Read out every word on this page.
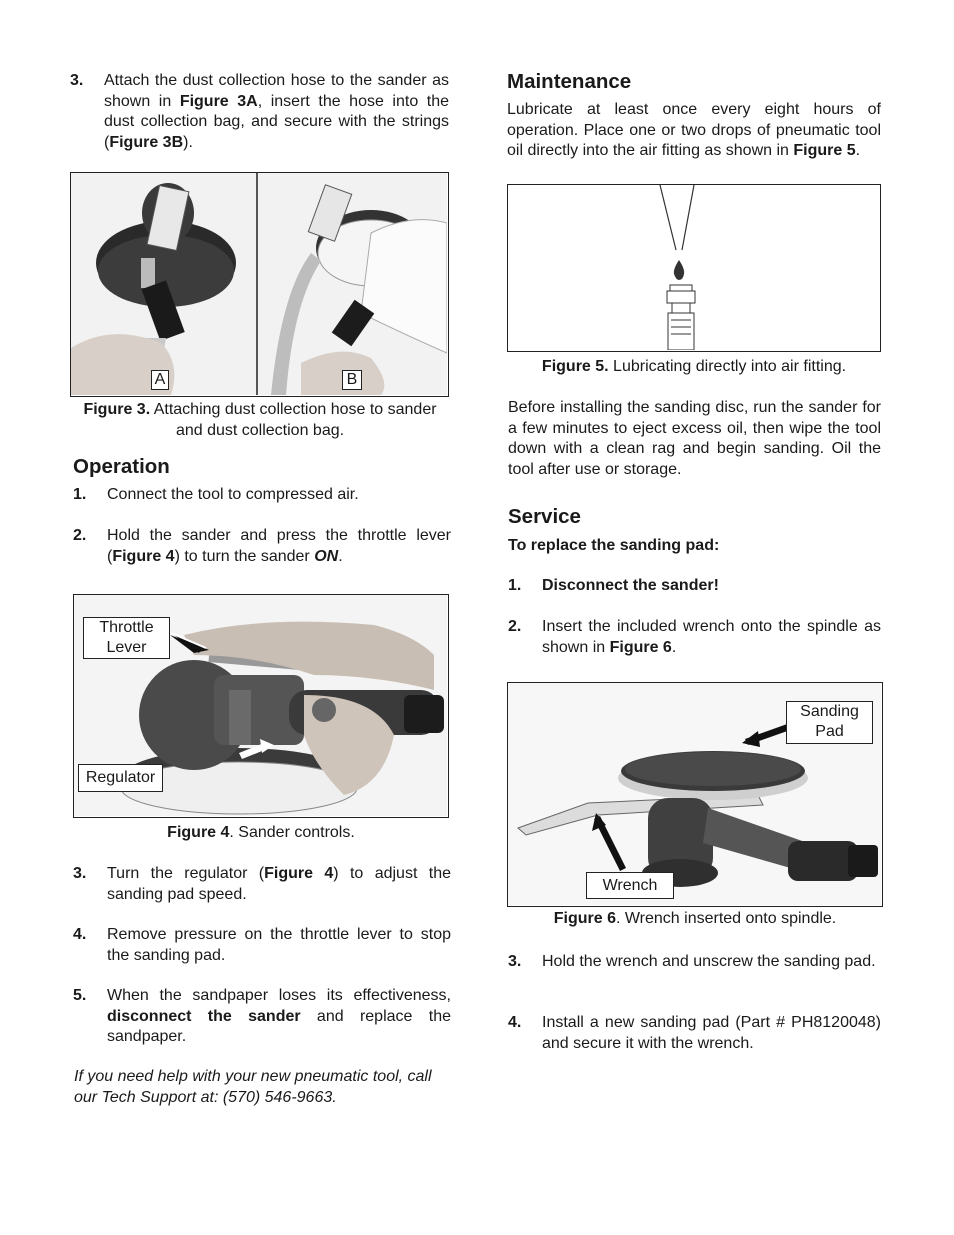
3. Attach the dust collection hose to the sander as shown in Figure 3A, insert the hose into the dust collection bag, and secure with the strings (Figure 3B).
A	B
Figure 3. Attaching dust collection hose to sander and dust collection bag.
Operation
1. Connect the tool to compressed air.
2. Hold the sander and press the throttle lever (Figure 4) to turn the sander ON.
Throttle Lever
Regulator
Figure 4. Sander controls.
3. Turn the regulator (Figure 4) to adjust the sanding pad speed.
4. Remove pressure on the throttle lever to stop the sanding pad.
5. When the sandpaper loses its effectiveness, disconnect the sander and replace the sandpaper.
If you need help with your new pneumatic tool, call our Tech Support at: (570) 546-9663.
Maintenance
Lubricate at least once every eight hours of operation. Place one or two drops of pneumatic tool oil directly into the air fitting as shown in Figure 5.
Figure 5. Lubricating directly into air fitting.
Before installing the sanding disc, run the sander for a few minutes to eject excess oil, then wipe the tool down with a clean rag and begin sanding. Oil the tool after use or storage.
Service
To replace the sanding pad:
1. Disconnect the sander!
2. Insert the included wrench onto the spindle as shown in Figure 6.
Sanding Pad
Wrench
Figure 6. Wrench inserted onto spindle.
3. Hold the wrench and unscrew the sanding pad.
4. Install a new sanding pad (Part # PH8120048) and secure it with the wrench.
